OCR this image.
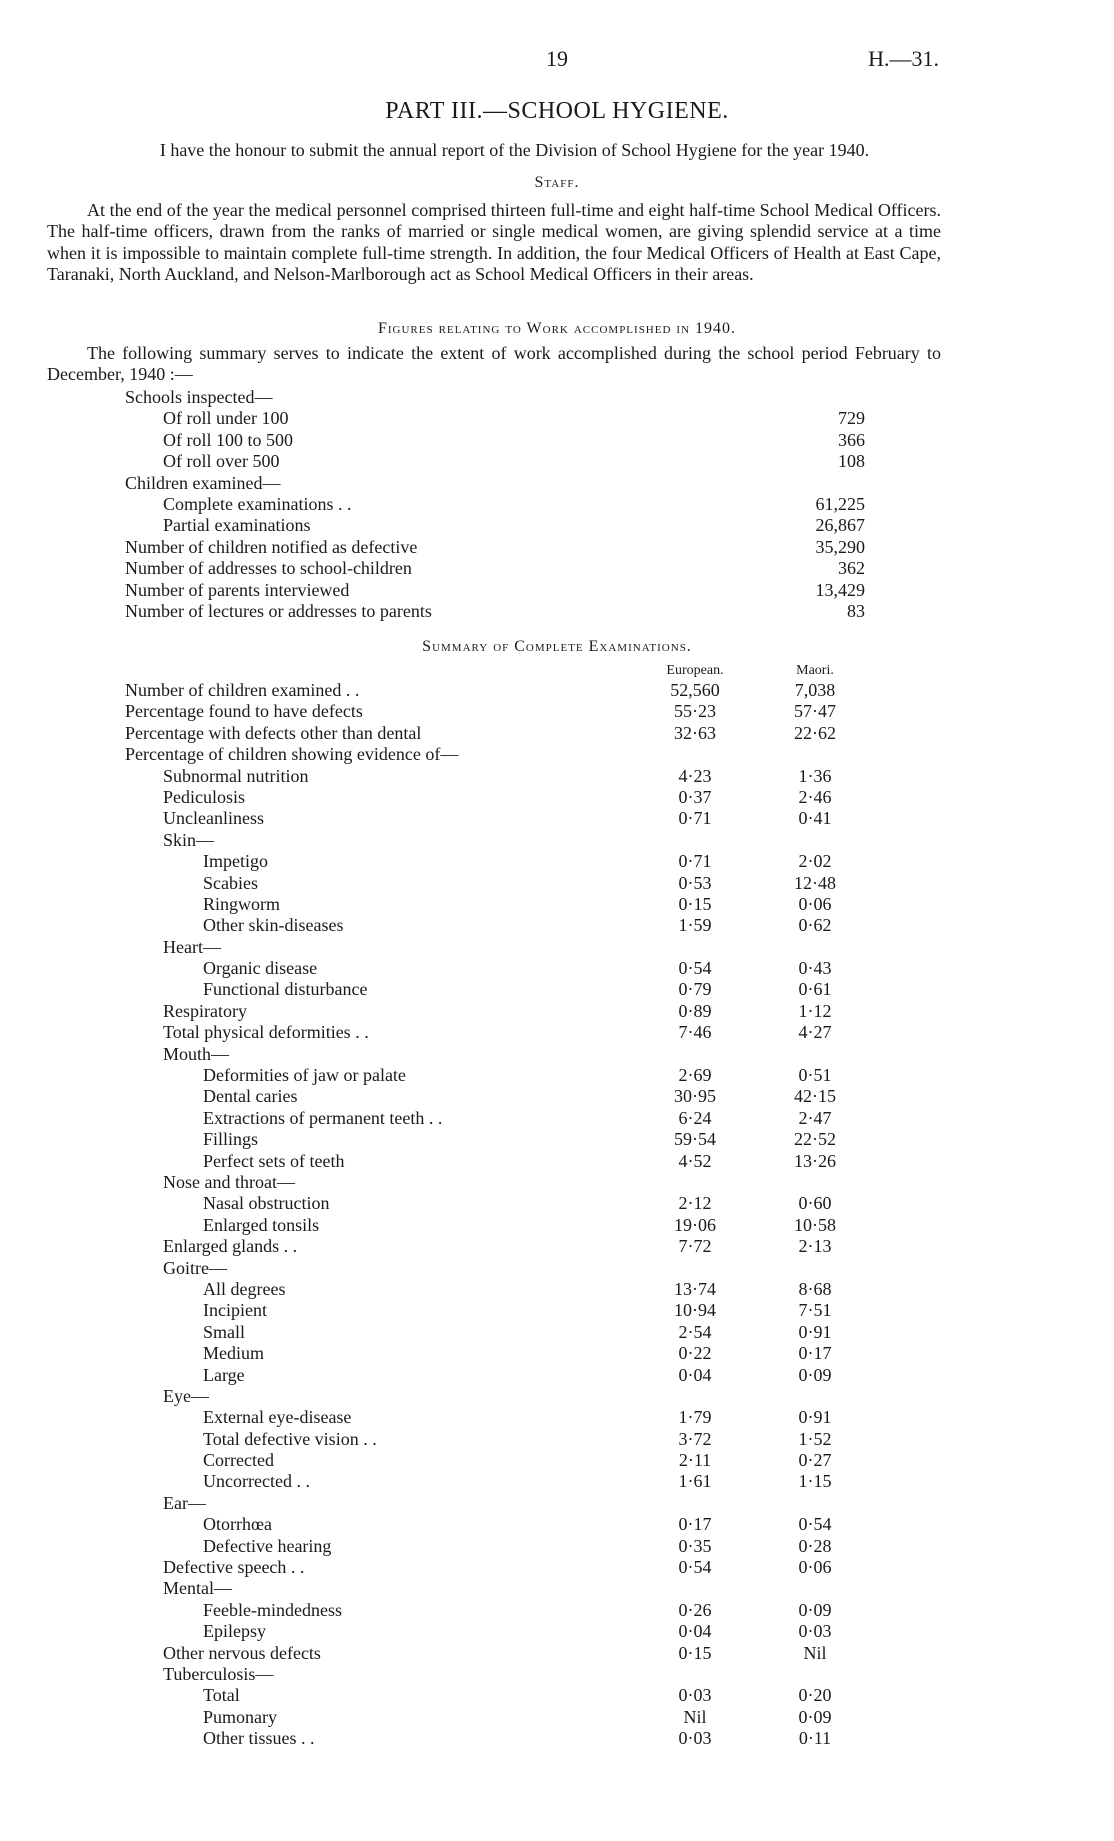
19	H.—31.
PART III.—SCHOOL HYGIENE.
I have the honour to submit the annual report of the Division of School Hygiene for the year 1940.
Staff.

At the end of the year the medical personnel comprised thirteen full-time and eight half-time School Medical Officers. The half-time officers, drawn from the ranks of married or single medical women, are giving splendid service at a time when it is impossible to maintain complete full-time strength. In addition, the four Medical Officers of Health at East Cape, Taranaki, North Auckland, and Nelson-Marlborough act as School Medical Officers in their areas.

Figures relating to Work accomplished in 1940.

The following summary serves to indicate the extent of work accomplished during the school period February to December, 1940 :—

Schools inspected—
Of roll under 100	729
Of roll 100 to 500	366
Of roll over 500	108
Children examined—
Complete examinations . .	61,225
Partial examinations	26,867
Number of children notified as defective	35,290
Number of addresses to school-children	362
Number of parents interviewed	13,429
Number of lectures or addresses to parents	83
Summary of Complete Examinations.
European.	Maori.
Number of children examined . .	52,560	7,038
Percentage found to have defects	55·23	57·47
Percentage with defects other than dental	32·63	22·62
Percentage of children showing evidence of—
Subnormal nutrition	4·23	1·36
Pediculosis	0·37	2·46
Uncleanliness	0·71	0·41
Skin—
Impetigo	0·71	2·02
Scabies	0·53	12·48
Ringworm	0·15	0·06
Other skin-diseases	1·59	0·62
Heart—
Organic disease	0·54	0·43
Functional disturbance	0·79	0·61
Respiratory	0·89	1·12
Total physical deformities . .	7·46	4·27
Mouth—
Deformities of jaw or palate	2·69	0·51
Dental caries	30·95	42·15
Extractions of permanent teeth . .	6·24	2·47
Fillings	59·54	22·52
Perfect sets of teeth	4·52	13·26
Nose and throat—
Nasal obstruction	2·12	0·60
Enlarged tonsils	19·06	10·58
Enlarged glands . .	7·72	2·13
Goitre—
All degrees	13·74	8·68
Incipient	10·94	7·51
Small	2·54	0·91
Medium	0·22	0·17
Large	0·04	0·09
Eye—
External eye-disease	1·79	0·91
Total defective vision . .	3·72	1·52
Corrected	2·11	0·27
Uncorrected . .	1·61	1·15
Ear—
Otorrhœa	0·17	0·54
Defective hearing	0·35	0·28
Defective speech . .	0·54	0·06
Mental—
Feeble-mindedness	0·26	0·09
Epilepsy	0·04	0·03
Other nervous defects	0·15	Nil
Tuberculosis—
Total	0·03	0·20
Pumonary	Nil	0·09
Other tissues . .	0·03	0·11
